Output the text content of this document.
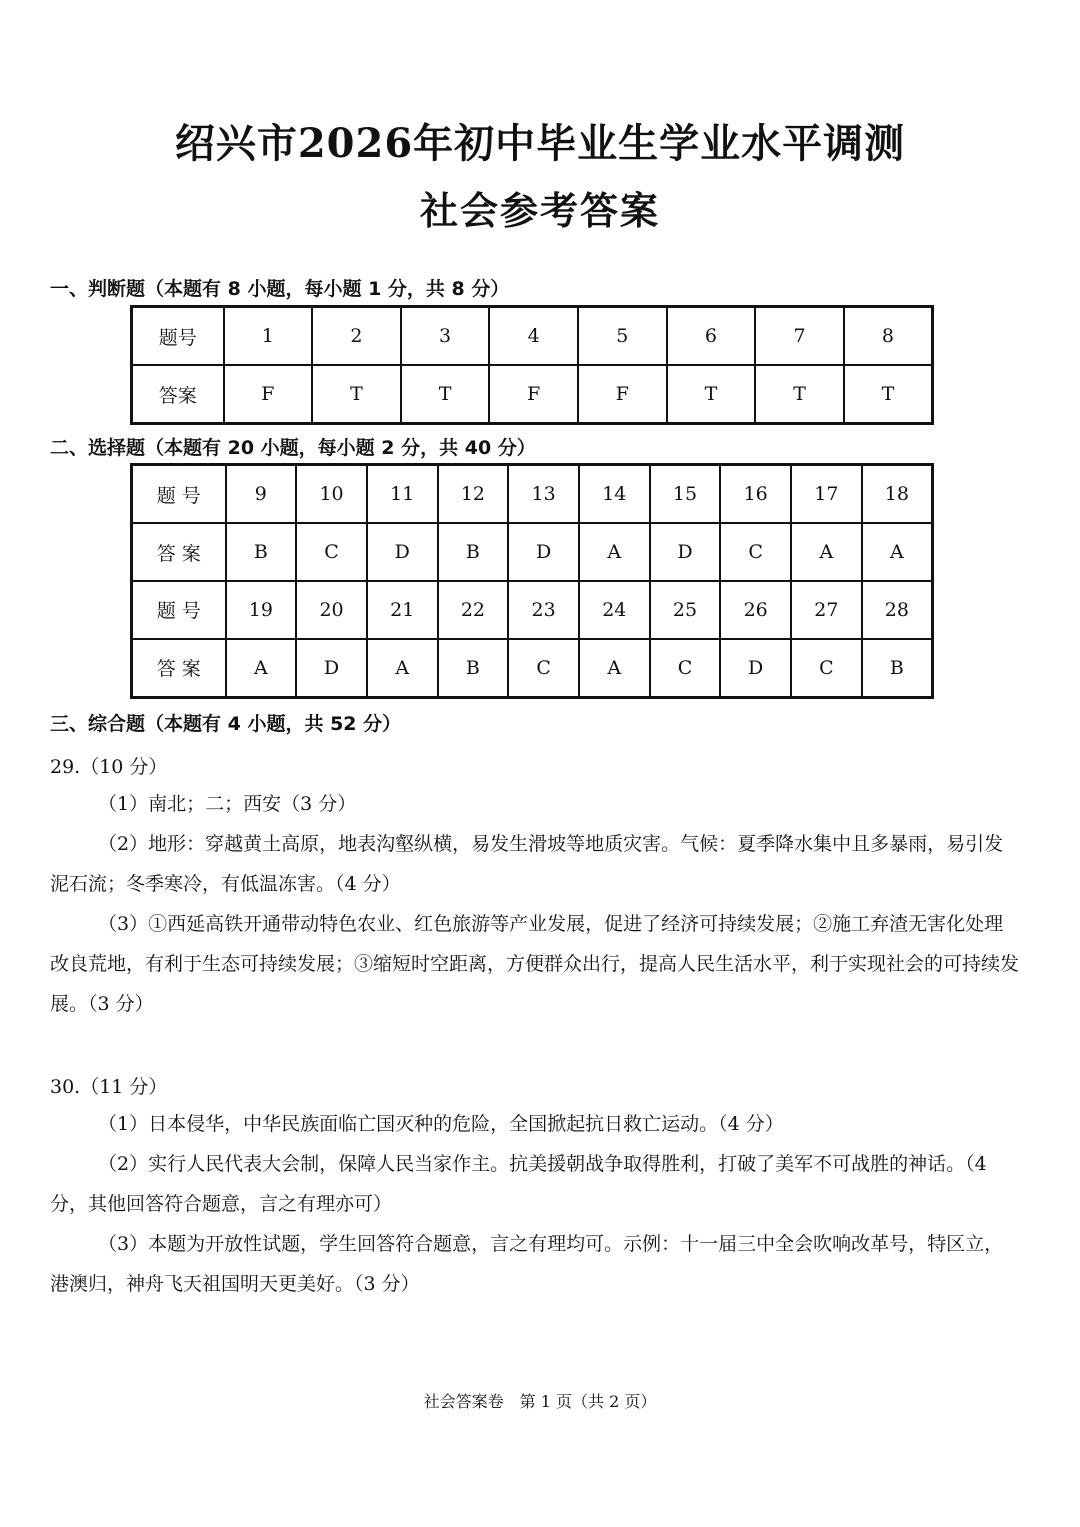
绍兴市2026年初中毕业生学业水平调测
社会参考答案
一、判断题（本题有 8 小题，每小题 1 分，共 8 分）
题号	1	2	3	4	5	6	7	8
答案	F	T	T	F	F	T	T	T
二、选择题（本题有 20 小题，每小题 2 分，共 40 分）
题 号	9	10	11	12	13	14	15	16	17	18
答 案	B	C	D	B	D	A	D	C	A	A
题 号	19	20	21	22	23	24	25	26	27	28
答 案	A	D	A	B	C	A	C	D	C	B
三、综合题（本题有 4 小题，共 52 分）
29.（10 分）
（1）南北；二；西安（3 分）
（2）地形：穿越黄土高原，地表沟壑纵横，易发生滑坡等地质灾害。气候：夏季降水集中且多暴雨，易引发泥石流；冬季寒冷，有低温冻害。（4 分）
（3）①西延高铁开通带动特色农业、红色旅游等产业发展，促进了经济可持续发展；②施工弃渣无害化处理改良荒地，有利于生态可持续发展；③缩短时空距离，方便群众出行，提高人民生活水平，利于实现社会的可持续发展。（3 分）
30.（11 分）
（1）日本侵华，中华民族面临亡国灭种的危险，全国掀起抗日救亡运动。（4 分）
（2）实行人民代表大会制，保障人民当家作主。抗美援朝战争取得胜利，打破了美军不可战胜的神话。（4 分，其他回答符合题意，言之有理亦可）
（3）本题为开放性试题，学生回答符合题意，言之有理均可。示例：十一届三中全会吹响改革号，特区立，港澳归，神舟飞天祖国明天更美好。（3 分）
社会答案卷　第 1 页（共 2 页）
